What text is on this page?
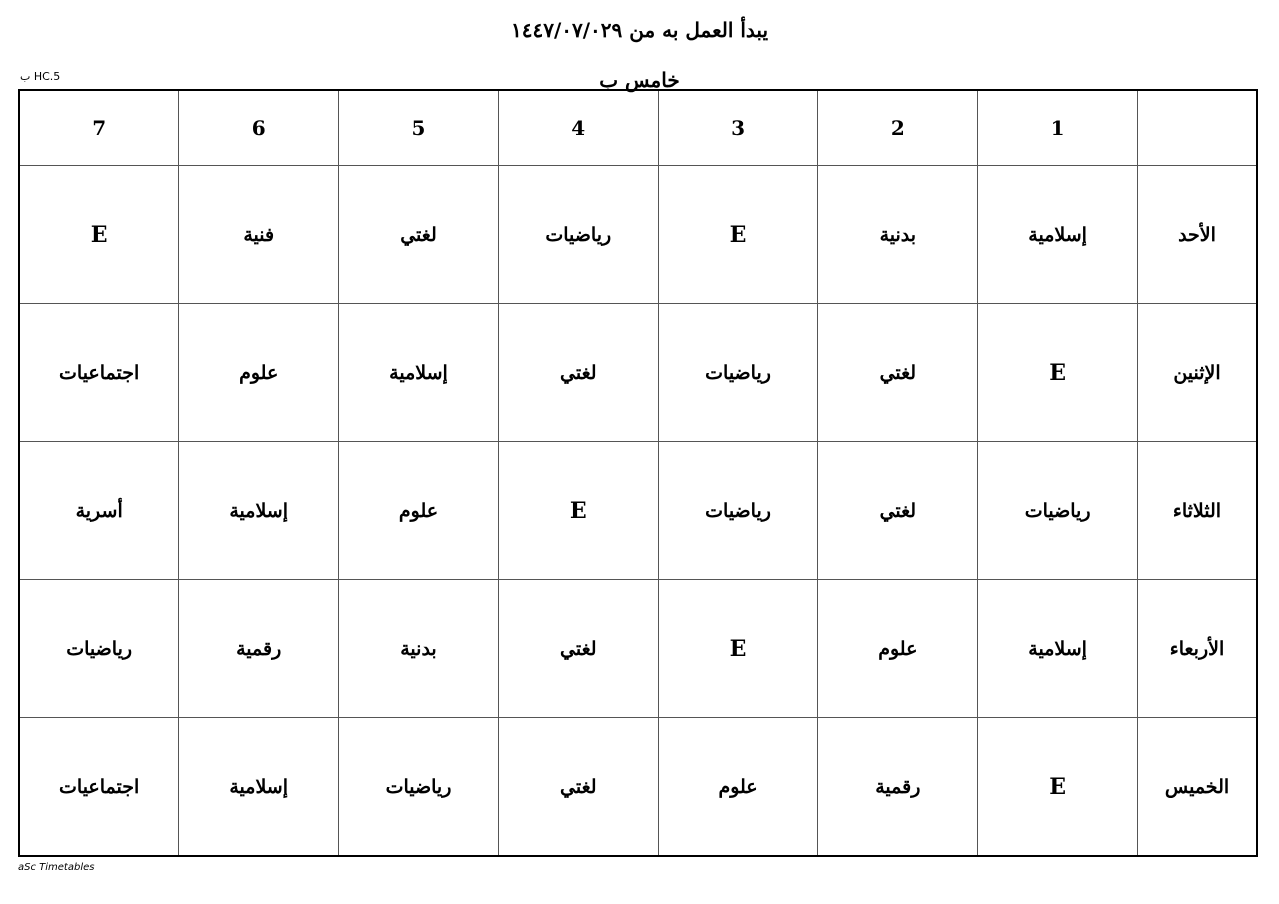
يبدأ العمل به من ١٤٤٧/٠٧/٠٢٩
خامس ب
HC.5 ب
	1	2	3	4	5	6	7
الأحد	إسلامية	بدنية	E	رياضيات	لغتي	فنية	E
الإثنين	E	لغتي	رياضيات	لغتي	إسلامية	علوم	اجتماعيات
الثلاثاء	رياضيات	لغتي	رياضيات	E	علوم	إسلامية	أسرية
الأربعاء	إسلامية	علوم	E	لغتي	بدنية	رقمية	رياضيات
الخميس	E	رقمية	علوم	لغتي	رياضيات	إسلامية	اجتماعيات
aSc Timetables
